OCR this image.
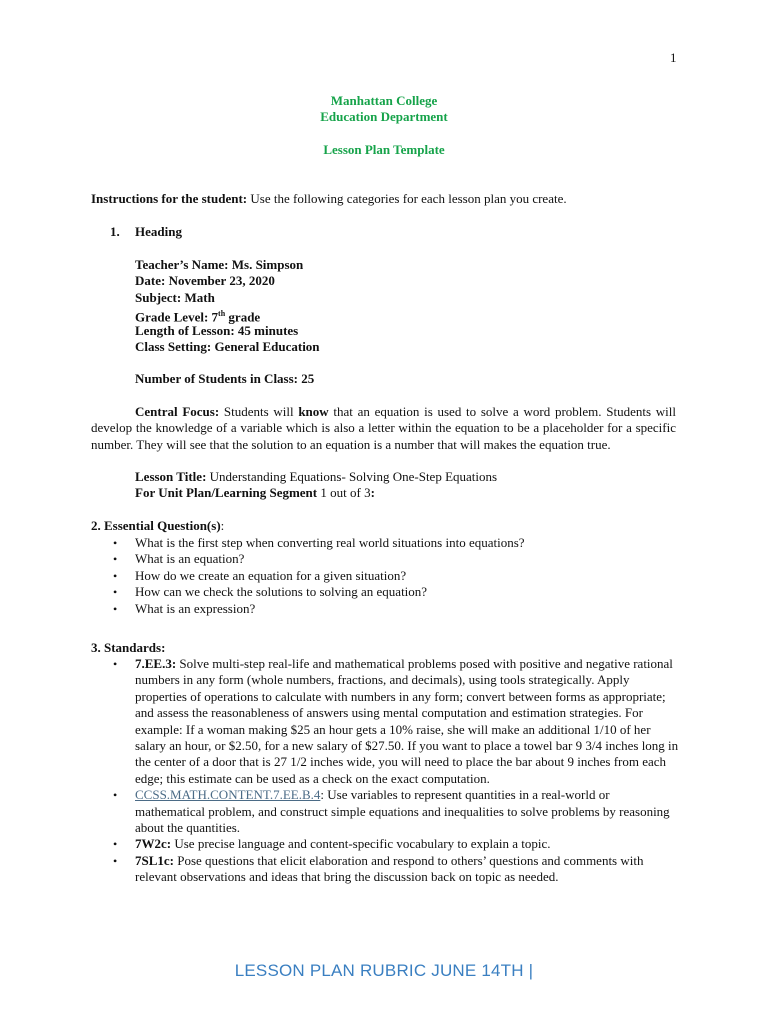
1
Manhattan College
Education Department
Lesson Plan Template
Instructions for the student: Use the following categories for each lesson plan you create.
1. Heading
Teacher’s Name: Ms. Simpson
Date: November 23, 2020
Subject: Math
Grade Level: 7th grade
Length of Lesson: 45 minutes
Class Setting: General Education
Number of Students in Class: 25

Central Focus: Students will know that an equation is used to solve a word problem. Students will develop the knowledge of a variable which is also a letter within the equation to be a placeholder for a specific number. They will see that the solution to an equation is a number that will makes the equation true.

Lesson Title: Understanding Equations- Solving One-Step Equations
For Unit Plan/Learning Segment 1 out of 3:
2. Essential Question(s):
• What is the first step when converting real world situations into equations?
• What is an equation?
• How do we create an equation for a given situation?
• How can we check the solutions to solving an equation?
• What is an expression?
3. Standards:
• 7.EE.3: Solve multi-step real-life and mathematical problems posed with positive and negative rational numbers in any form (whole numbers, fractions, and decimals), using tools strategically. Apply properties of operations to calculate with numbers in any form; convert between forms as appropriate; and assess the reasonableness of answers using mental computation and estimation strategies. For example: If a woman making $25 an hour gets a 10% raise, she will make an additional 1/10 of her salary an hour, or $2.50, for a new salary of $27.50. If you want to place a towel bar 9 3/4 inches long in the center of a door that is 27 1/2 inches wide, you will need to place the bar about 9 inches from each edge; this estimate can be used as a check on the exact computation.
• CCSS.MATH.CONTENT.7.EE.B.4: Use variables to represent quantities in a real-world or mathematical problem, and construct simple equations and inequalities to solve problems by reasoning about the quantities.
• 7W2c: Use precise language and content-specific vocabulary to explain a topic.
• 7SL1c: Pose questions that elicit elaboration and respond to others’ questions and comments with relevant observations and ideas that bring the discussion back on topic as needed.
LESSON PLAN RUBRIC JUNE 14TH |
